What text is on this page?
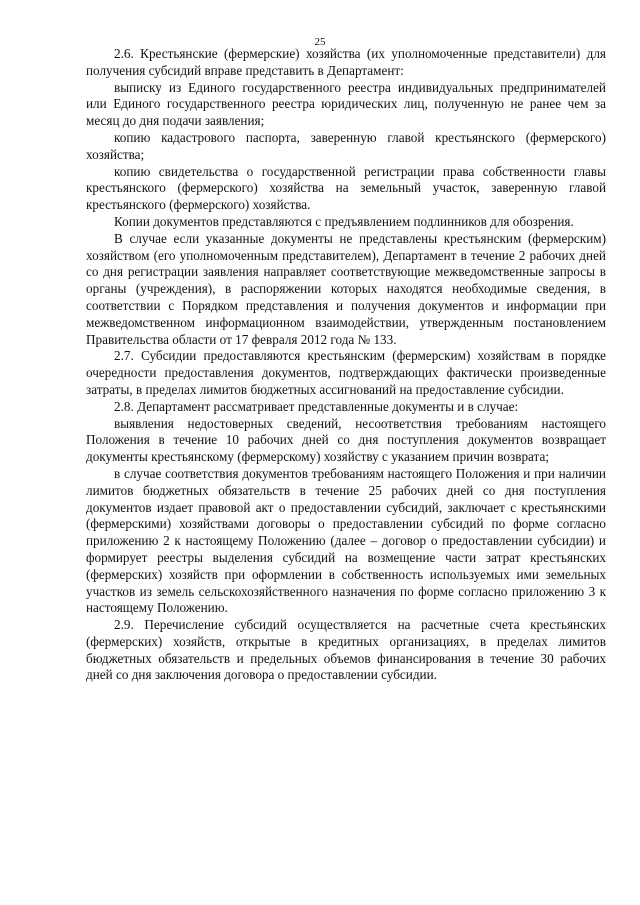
25

2.6. Крестьянские (фермерские) хозяйства (их уполномоченные представители) для получения субсидий вправе представить в Департамент:

выписку из Единого государственного реестра индивидуальных предпринимателей или Единого государственного реестра юридических лиц, полученную не ранее чем за месяц до дня подачи заявления;

копию кадастрового паспорта, заверенную главой крестьянского (фермерского) хозяйства;

копию свидетельства о государственной регистрации права собственности главы крестьянского (фермерского) хозяйства на земельный участок, заверенную главой крестьянского (фермерского) хозяйства.

Копии документов представляются с предъявлением подлинников для обозрения.

В случае если указанные документы не представлены крестьянским (фермерским) хозяйством (его уполномоченным представителем), Департамент в течение 2 рабочих дней со дня регистрации заявления направляет соответствующие межведомственные запросы в органы (учреждения), в распоряжении которых находятся необходимые сведения, в соответствии с Порядком представления и получения документов и информации при межведомственном информационном взаимодействии, утвержденным постановлением Правительства области от 17 февраля 2012 года № 133.

2.7. Субсидии предоставляются крестьянским (фермерским) хозяйствам в порядке очередности предоставления документов, подтверждающих фактически произведенные затраты, в пределах лимитов бюджетных ассигнований на предоставление субсидии.

2.8. Департамент рассматривает представленные документы и в случае:

выявления недостоверных сведений, несоответствия требованиям настоящего Положения в течение 10 рабочих дней со дня поступления документов возвращает документы крестьянскому (фермерскому) хозяйству с указанием причин возврата;

в случае соответствия документов требованиям настоящего Положения и при наличии лимитов бюджетных обязательств в течение 25 рабочих дней со дня поступления документов издает правовой акт о предоставлении субсидий, заключает с крестьянскими (фермерскими) хозяйствами договоры о предоставлении субсидий по форме согласно приложению 2 к настоящему Положению (далее – договор о предоставлении субсидии) и формирует реестры выделения субсидий на возмещение части затрат крестьянских (фермерских) хозяйств при оформлении в собственность используемых ими земельных участков из земель сельскохозяйственного назначения по форме согласно приложению 3 к настоящему Положению.

2.9. Перечисление субсидий осуществляется на расчетные счета крестьянских (фермерских) хозяйств, открытые в кредитных организациях, в пределах лимитов бюджетных обязательств и предельных объемов финансирования в течение 30 рабочих дней со дня заключения договора о предоставлении субсидии.
